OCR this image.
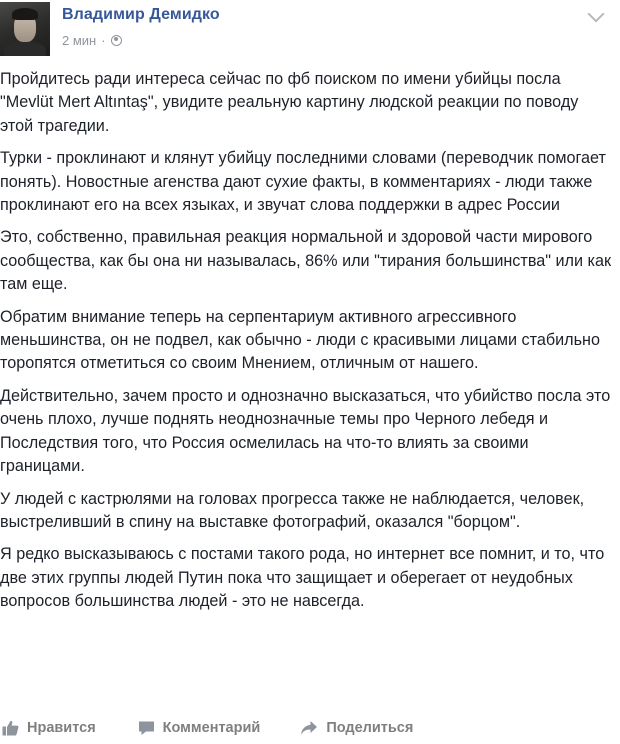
Владимир Демидко
2 мин ·

Пройдитесь ради интереса сейчас по фб поиском по имени убийцы посла "Mevlüt Mert Altıntaş", увидите реальную картину людской реакции по поводу этой трагедии.

Турки - проклинают и клянут убийцу последними словами (переводчик помогает понять). Новостные агенства дают сухие факты, в комментариях - люди также проклинают его на всех языках, и звучат слова поддержки в адрес России

Это, собственно, правильная реакция нормальной и здоровой части мирового сообщества, как бы она ни называлась, 86% или "тирания большинства" или как там еще.

Обратим внимание теперь на серпентариум активного агрессивного меньшинства, он не подвел, как обычно - люди с красивыми лицами стабильно торопятся отметиться со своим Мнением, отличным от нашего.

Действительно, зачем просто и однозначно высказаться, что убийство посла это очень плохо, лучше поднять неоднозначные темы про Черного лебедя и Последствия того, что Россия осмелилась на что-то влиять за своими границами.

У людей с кастрюлями на головах прогресса также не наблюдается, человек, выстреливший в спину на выставке фотографий, оказался "борцом".

Я редко высказываюсь с постами такого рода, но интернет все помнит, и то, что две этих группы людей Путин пока что защищает и оберегает от неудобных вопросов большинства людей - это не навсегда.

Нравится	Комментарий	Поделиться
